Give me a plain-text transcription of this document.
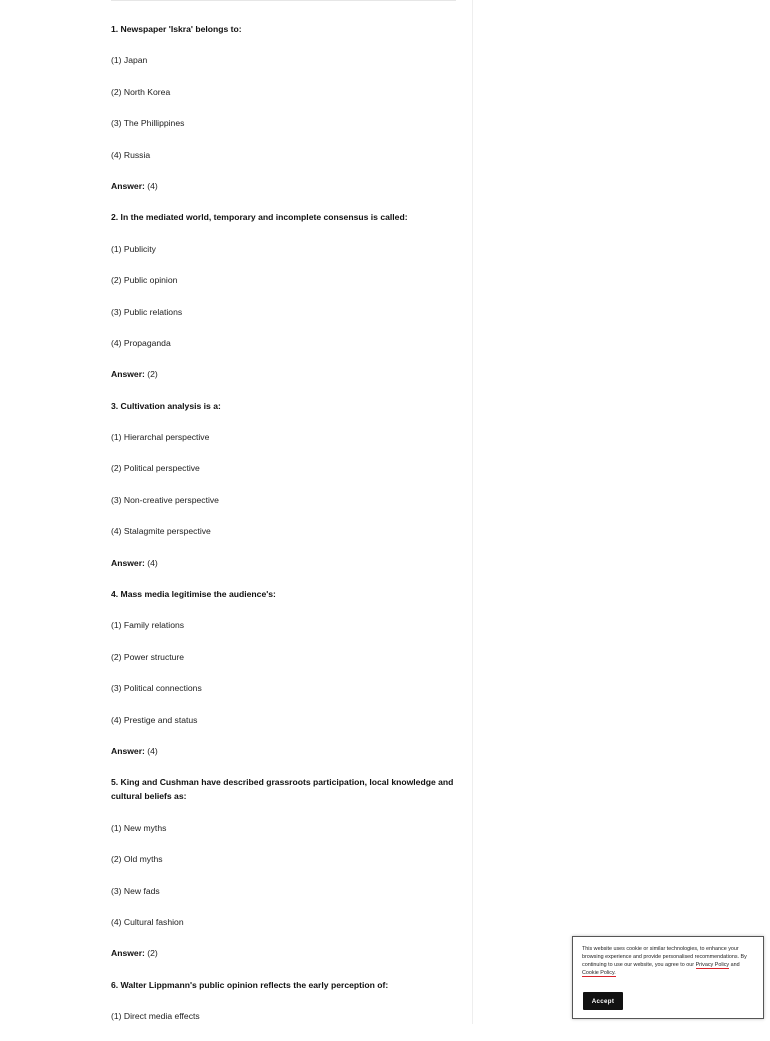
1. Newspaper 'Iskra' belongs to:

(1) Japan

(2) North Korea

(3) The Phillippines

(4) Russia

Answer: (4)

2. In the mediated world, temporary and incomplete consensus is called:

(1) Publicity

(2) Public opinion

(3) Public relations

(4) Propaganda

Answer: (2)

3. Cultivation analysis is a:

(1) Hierarchal perspective

(2) Political perspective

(3) Non-creative perspective

(4) Stalagmite perspective

Answer: (4)

4. Mass media legitimise the audience's:

(1) Family relations

(2) Power structure

(3) Political connections

(4) Prestige and status

Answer: (4)

5. King and Cushman have described grassroots participation, local knowledge and cultural beliefs as:

(1) New myths

(2) Old myths

(3) New fads

(4) Cultural fashion

Answer: (2)

6. Walter Lippmann's public opinion reflects the early perception of:

(1) Direct media effects

This website uses cookie or similar technologies, to enhance your browsing experience and provide personalised recommendations. By continuing to use our website, you agree to our Privacy Policy and Cookie Policy.
Accept
